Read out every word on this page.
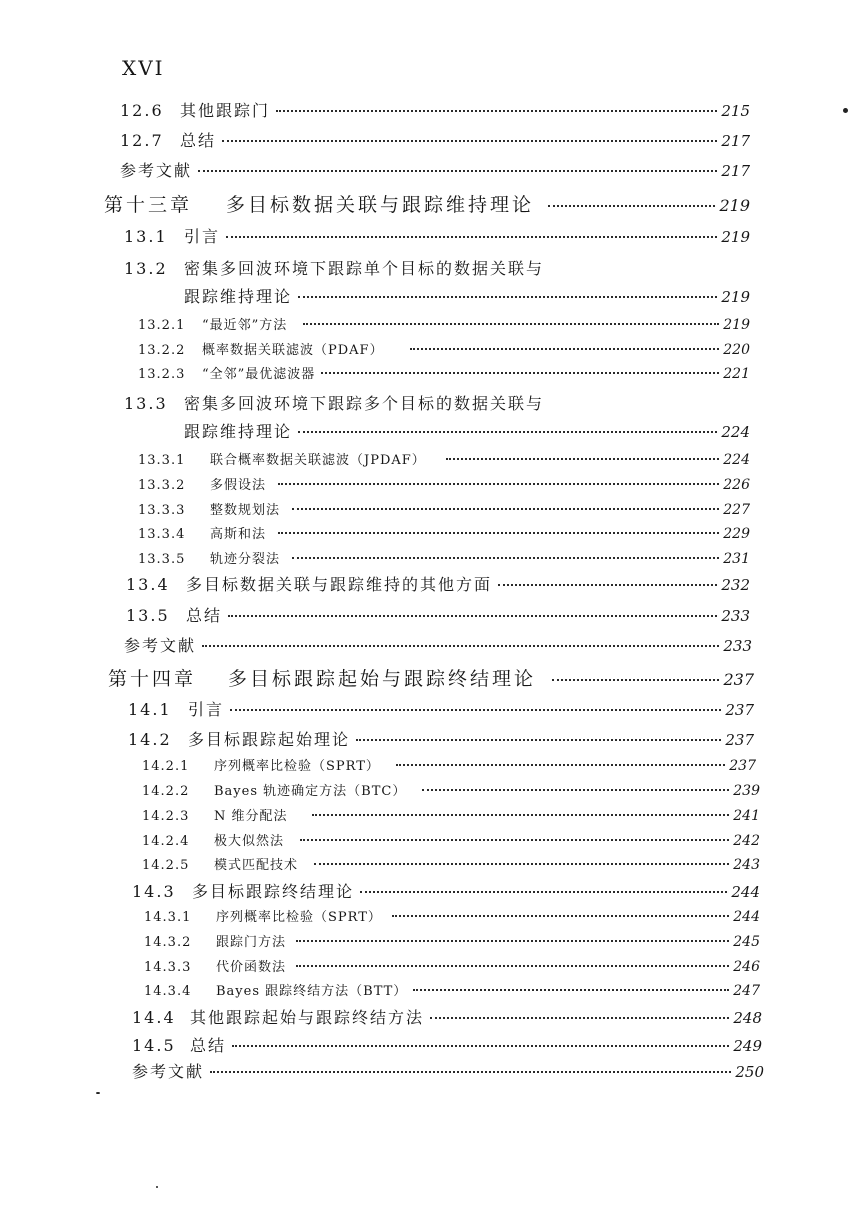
XVI
12.6	其他跟踪门	215
12.7	总结	217
参考文献	217
第十三章	多目标数据关联与跟踪维持理论	219
13.1	引言	219
13.2	密集多回波环境下跟踪单个目标的数据关联与
跟踪维持理论	219
13.2.1	“最近邻”方法	219
13.2.2	概率数据关联滤波（PDAF）	220
13.2.3	“全邻”最优滤波器	221
13.3	密集多回波环境下跟踪多个目标的数据关联与
跟踪维持理论	224
13.3.1	联合概率数据关联滤波（JPDAF）	224
13.3.2	多假设法	226
13.3.3	整数规划法	227
13.3.4	高斯和法	229
13.3.5	轨迹分裂法	231
13.4	多目标数据关联与跟踪维持的其他方面	232
13.5	总结	233
参考文献	233
第十四章	多目标跟踪起始与跟踪终结理论	237
14.1	引言	237
14.2	多目标跟踪起始理论	237
14.2.1	序列概率比检验（SPRT）	237
14.2.2	Bayes 轨迹确定方法（BTC）	239
14.2.3	N 维分配法	241
14.2.4	极大似然法	242
14.2.5	模式匹配技术	243
14.3	多目标跟踪终结理论	244
14.3.1	序列概率比检验（SPRT）	244
14.3.2	跟踪门方法	245
14.3.3	代价函数法	246
14.3.4	Bayes 跟踪终结方法（BTT）	247
14.4 其他跟踪起始与跟踪终结方法	248
14.5 总结	249
参考文献	250
